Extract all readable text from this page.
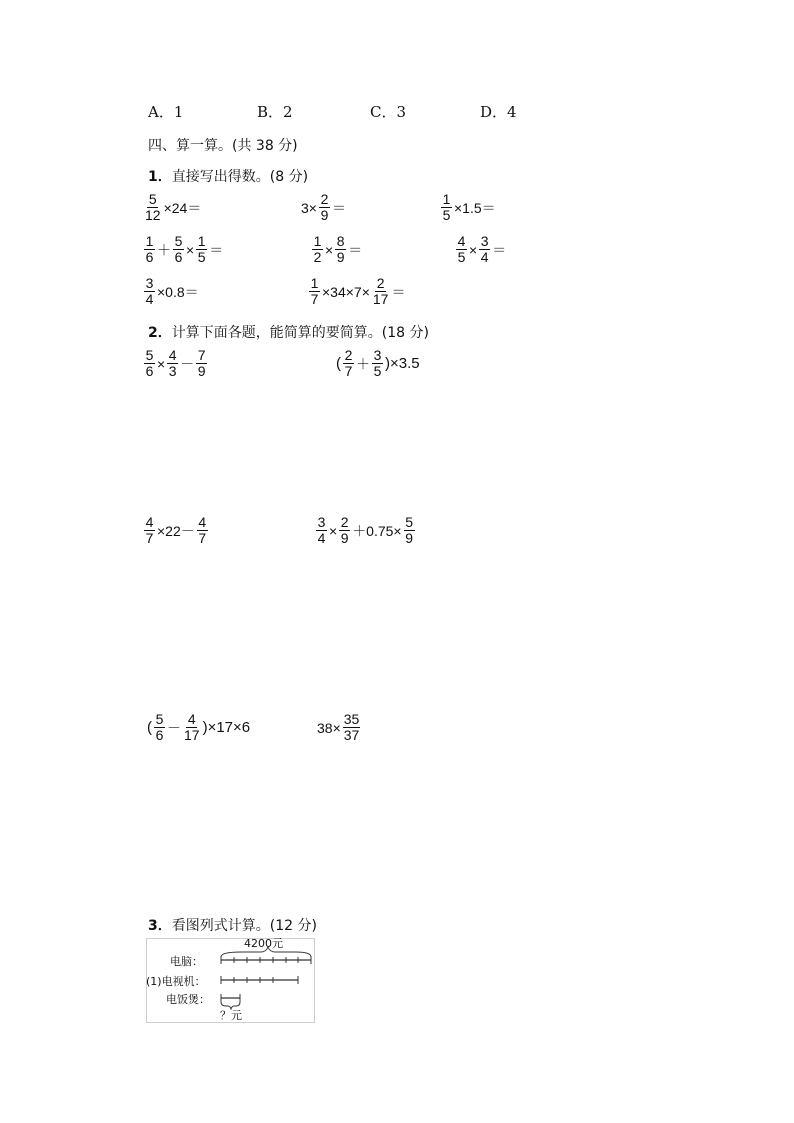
A．1	B．2	C．3	D．4
四、算一算。(共 38 分)
1．直接写出得数。(8 分)
$\frac{5}{12} \times 24=$	$3\times \frac{2}{9}$ ＝	$\frac{1}{5} \times 1.5=$
$\frac{1}{6} + \frac{5}{6} \times \frac{1}{5}$ ＝	$\frac{1}{2} \times \frac{8}{9}$ ＝	$\frac{4}{5} \times \frac{3}{4}$ ＝
$\frac{3}{4} \times 0.8=$	$\frac{1}{7} \times 34\times 7\times \frac{2}{17}$ ＝
2．计算下面各题，能简算的要简算。(18 分)
$\frac{5}{6} \times \frac{4}{3} - \frac{7}{9}$	( $\frac{2}{7} + \frac{3}{5} )\times 3.5$
$\frac{4}{7} \times 22- \frac{4}{7}$	$\frac{3}{4} \times \frac{2}{9} +0.75\times \frac{5}{9}$
( $\frac{5}{6} - \frac{4}{17} )\times 17\times 6$	$38\times \frac{35}{37}$
3．看图列式计算。(12 分)
4200元
电脑：
(1)电视机：
电饭煲：
？元
